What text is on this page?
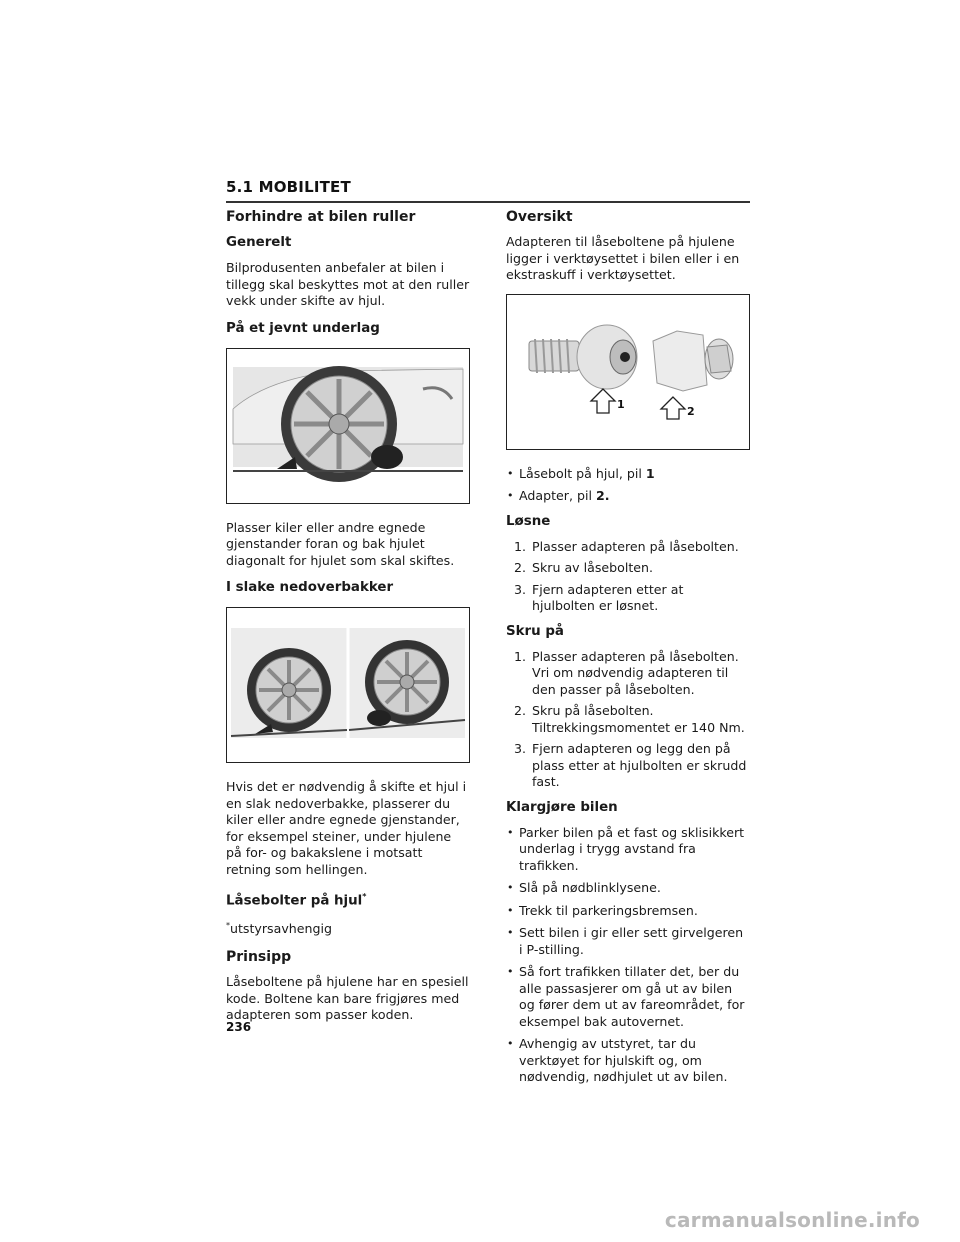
5.1 MOBILITET
Forhindre at bilen ruller
Generelt

Bilprodusenten anbefaler at bilen i tillegg skal beskyttes mot at den ruller vekk under skifte av hjul.

På et jevnt underlag

Plasser kiler eller andre egnede gjenstander foran og bak hjulet diagonalt for hjulet som skal skiftes.

I slake nedoverbakker

Hvis det er nødvendig å skifte et hjul i en slak nedoverbakke, plasserer du kiler eller andre egnede gjenstander, for eksempel steiner, under hjulene på for- og bakakslene i motsatt retning som hellingen.

Låsebolter på hjul*

*utstyrsavhengig

Prinsipp

Låseboltene på hjulene har en spesiell kode. Boltene kan bare frigjøres med adapteren som passer koden.

Oversikt

Adapteren til låseboltene på hjulene ligger i verktøysettet i bilen eller i en ekstraskuff i verktøysettet.

1
2
• Låsebolt på hjul, pil 1
• Adapter, pil 2.
Løsne
1. Plasser adapteren på låsebolten.
2. Skru av låsebolten.
3. Fjern adapteren etter at hjulbolten er løsnet.
Skru på
1. Plasser adapteren på låsebolten. Vri om nødvendig adapteren til den passer på låsebolten.
2. Skru på låsebolten. Tiltrekkingsmomentet er 140 Nm.
3. Fjern adapteren og legg den på plass etter at hjulbolten er skrudd fast.
Klargjøre bilen
• Parker bilen på et fast og sklisikkert underlag i trygg avstand fra trafikken.
• Slå på nødblinklysene.
• Trekk til parkeringsbremsen.
• Sett bilen i gir eller sett girvelgeren i P-stilling.
• Så fort trafikken tillater det, ber du alle passasjerer om gå ut av bilen og fører dem ut av fareområdet, for eksempel bak autovernet.
• Avhengig av utstyret, tar du verktøyet for hjulskift og, om nødvendig, nødhjulet ut av bilen.
236
carmanualsonline.info
